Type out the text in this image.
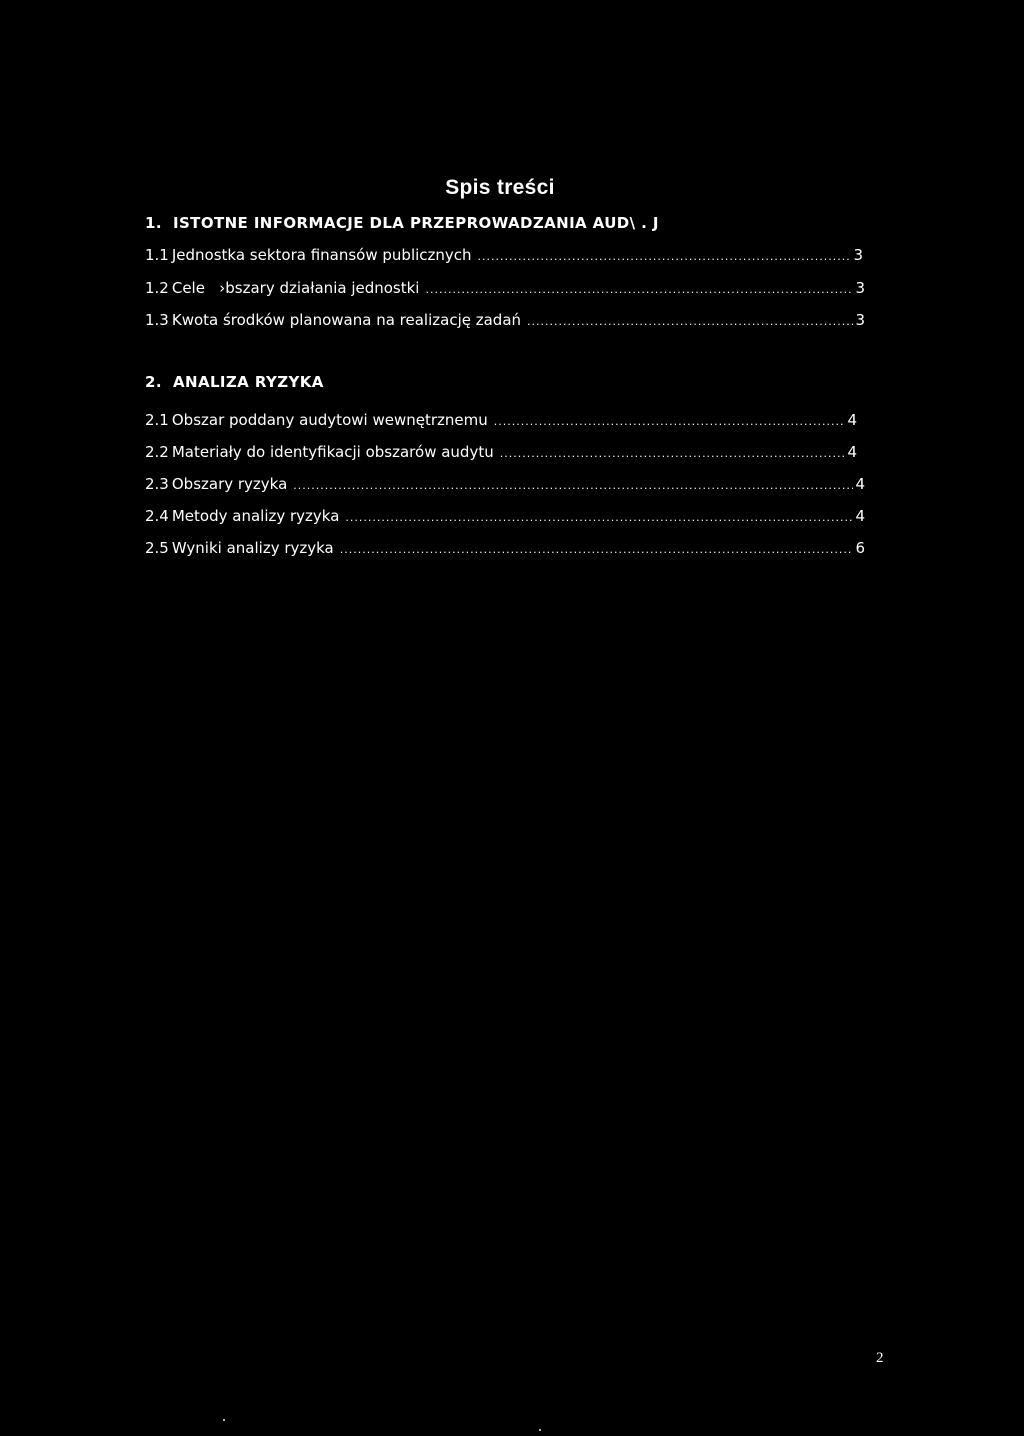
Spis treści
1. ISTOTNE INFORMACJE DLA PRZEPROWADZANIA AUD\ . J
1.1 Jednostka sektora finansów publicznych .....	3
1.2 Cele   ›bszary działania jednostki .....	3
1.3 Kwota środków planowana na realizację zadań .....	3
2. ANALIZA RYZYKA
2.1 Obszar poddany audytowi wewnętrznemu .....	4
2.2 Materiały do identyfikacji obszarów audytu .....	4
2.3 Obszary ryzyka .....	4
2.4 Metody analizy ryzyka .....	4
2.5 Wyniki analizy ryzyka .....	6
2
